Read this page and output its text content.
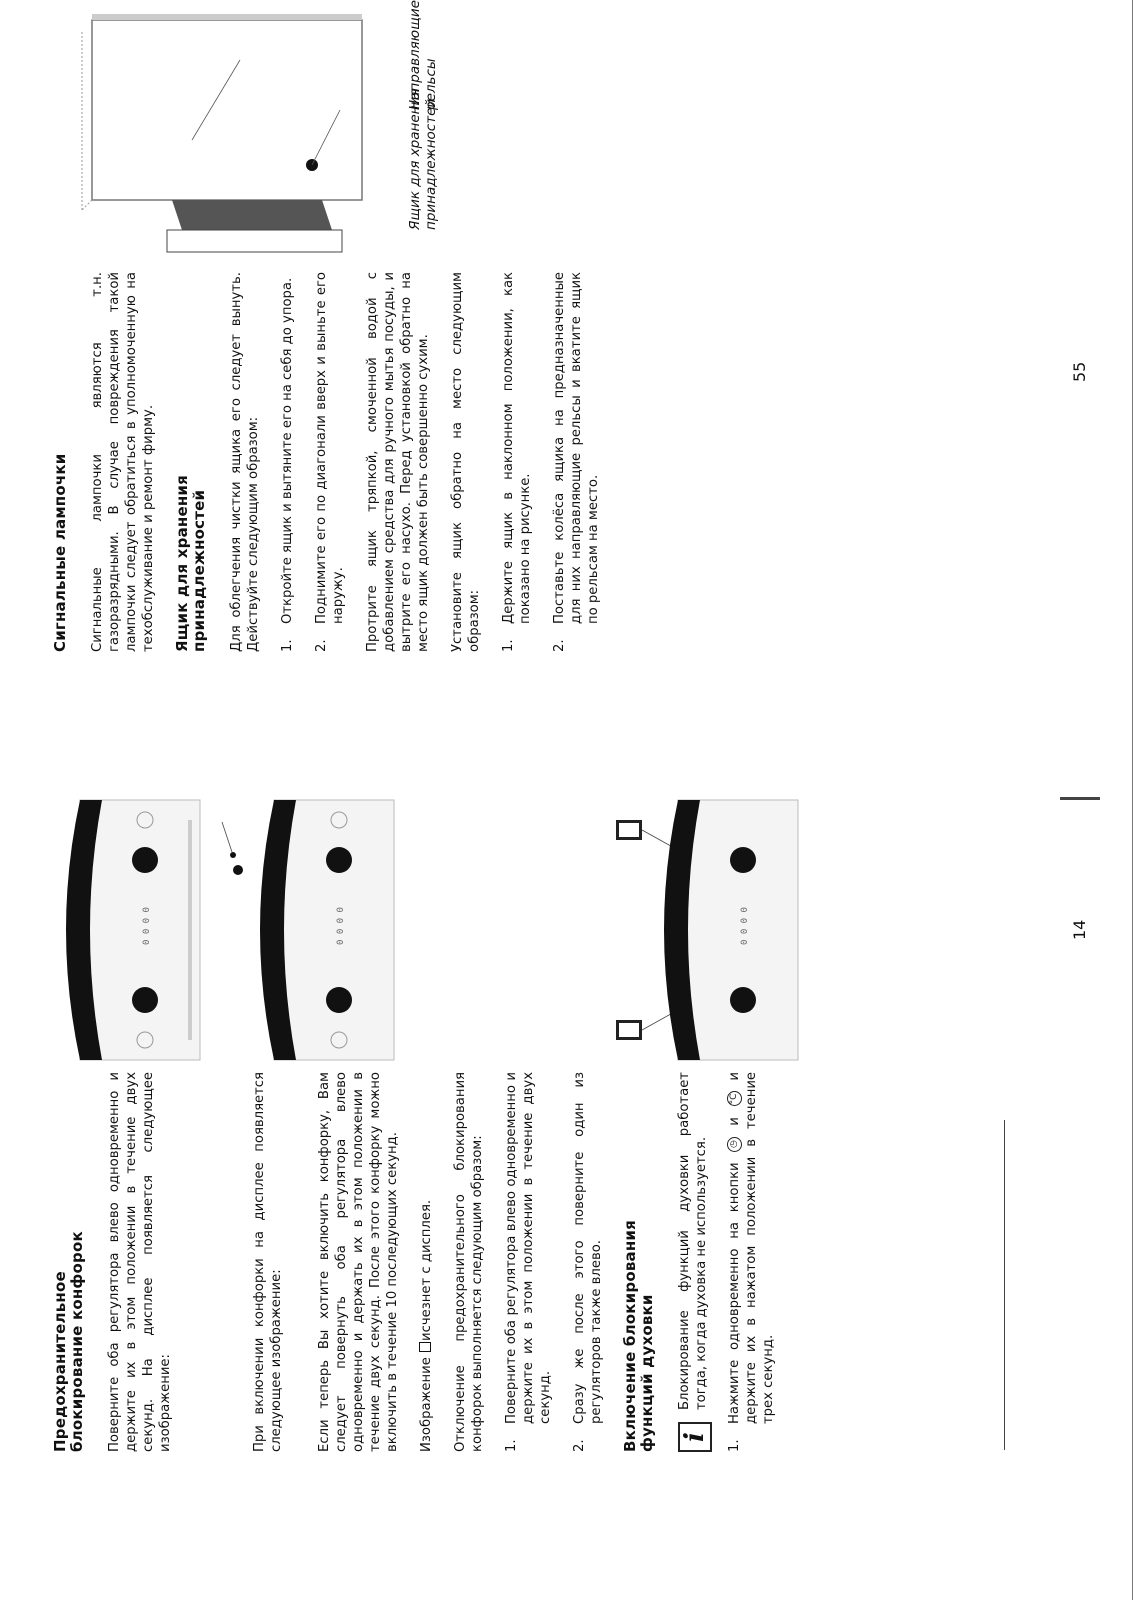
Предохранительное блокирование конфорок Поверните оба регулятора влево одновременно и держите их в этом положении в течение двух секунд. На дисплее появляется следующее изображение:	При включении конфорки на дисплее появляется следующее изображение:	Если теперь Вы хотите включить конфорку, Вам следует повернуть оба регулятора влево одновременно и держать их в этом положении в течение двух секунд. После этого конфорку можно включить в течение 10 последующих секунд. Изображение исчезнет с дисплея. Отключение предохранительного блокирования конфорок выполняется следующим образом: 1.
Поверните оба регулятора влево одновременно и держите их в этом положении в течение двух секунд.
2.
Сразу же после этого поверните один из регуляторов также влево. Включение блокирования функций духовки i

Блокирование функций духовки работает тогда, когда духовка не используется.

1.
Нажмите одновременно на кнопки ◷ и °C и держите их в нажатом положении в течение трех секунд.
0 0 0 0
	0 0 0 0	0 0 0 0	14
Сигнальные лампочки Сигнальные лампочки являются т.н. газоразрядными. В случае повреждения такой лампочки следует обратиться в уполномоченную на техобслуживание и ремонт фирму. Ящик для хранения принадлежностей Для облегчения чистки ящика его следует вынуть. Действуйте следующим образом: 1.
Откройте ящик и вытяните его на себя до упора.
2.
Поднимите его по диагонали вверх и выньте его наружу. Протрите ящик тряпкой, смоченной водой с добавлением средства для ручного мытья посуды, и вытрите его насухо. Перед установкой обратно на место ящик должен быть совершенно сухим. Установите ящик обратно на место следующим образом: 1.
Держите ящик в наклонном положении, как показано на рисунке.
2.
Поставьте колёса ящика на предназначенные для них направляющие рельсы и вкатите ящик по рельсам на место.
Ящик для хранения принадлежностей
Направляющие рельсы
55
